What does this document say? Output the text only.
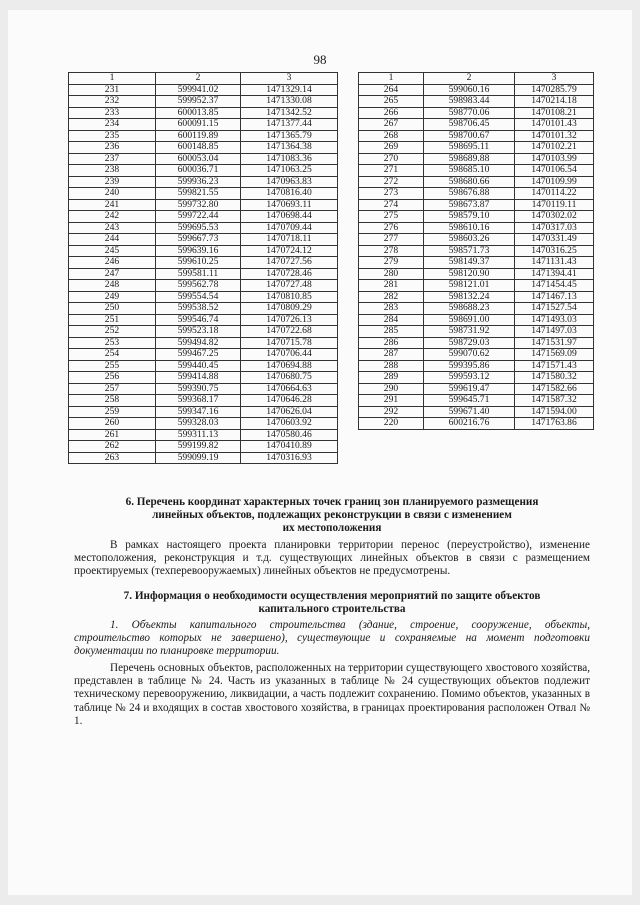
98
1	2	3
231	599941.02	1471329.14
232	599952.37	1471330.08
233	600013.85	1471342.52
234	600091.15	1471377.44
235	600119.89	1471365.79
236	600148.85	1471364.38
237	600053.04	1471083.36
238	600036.71	1471063.25
239	599936.23	1470963.83
240	599821.55	1470816.40
241	599732.80	1470693.11
242	599722.44	1470698.44
243	599695.53	1470709.44
244	599667.73	1470718.11
245	599639.16	1470724.12
246	599610.25	1470727.56
247	599581.11	1470728.46
248	599562.78	1470727.48
249	599554.54	1470810.85
250	599538.52	1470809.29
251	599546.74	1470726.13
252	599523.18	1470722.68
253	599494.82	1470715.78
254	599467.25	1470706.44
255	599440.45	1470694.88
256	599414.88	1470680.75
257	599390.75	1470664.63
258	599368.17	1470646.28
259	599347.16	1470626.04
260	599328.03	1470603.92
261	599311.13	1470580.46
262	599199.82	1470410.89
263	599099.19	1470316.93
1	2	3
264	599060.16	1470285.79
265	598983.44	1470214.18
266	598770.06	1470108.21
267	598706.45	1470101.43
268	598700.67	1470101.32
269	598695.11	1470102.21
270	598689.88	1470103.99
271	598685.10	1470106.54
272	598680.66	1470109.99
273	598676.88	1470114.22
274	598673.87	1470119.11
275	598579.10	1470302.02
276	598610.16	1470317.03
277	598603.26	1470331.49
278	598571.73	1470316.25
279	598149.37	1471131.43
280	598120.90	1471394.41
281	598121.01	1471454.45
282	598132.24	1471467.13
283	598688.23	1471527.54
284	598691.00	1471493.03
285	598731.92	1471497.03
286	598729.03	1471531.97
287	599070.62	1471569.09
288	599395.86	1471571.43
289	599593.12	1471580.32
290	599619.47	1471582.66
291	599645.71	1471587.32
292	599671.40	1471594.00
220	600216.76	1471763.86
6. Перечень координат характерных точек границ зон планируемого размещения
линейных объектов, подлежащих реконструкции в связи с изменением
их местоположения
В рамках настоящего проекта планировки территории перенос (переустройство), изменение местоположения, реконструкция и т.д. существующих линейных объектов в связи с размещением проектируемых (техперевооружаемых) линейных объектов не предусмотрены.
7. Информация о необходимости осуществления мероприятий по защите объектов
капитального строительства
1. Объекты капитального строительства (здание, строение, сооружение, объекты, строительство которых не завершено), существующие и сохраняемые на момент подготовки документации по планировке территории.
Перечень основных объектов, расположенных на территории существующего хвостового хозяйства, представлен в таблице № 24. Часть из указанных в таблице № 24 существующих объектов подлежит техническому перевооружению, ликвидации, а часть подлежит сохранению. Помимо объектов, указанных в таблице № 24 и входящих в состав хвостового хозяйства, в границах проектирования расположен Отвал № 1.
